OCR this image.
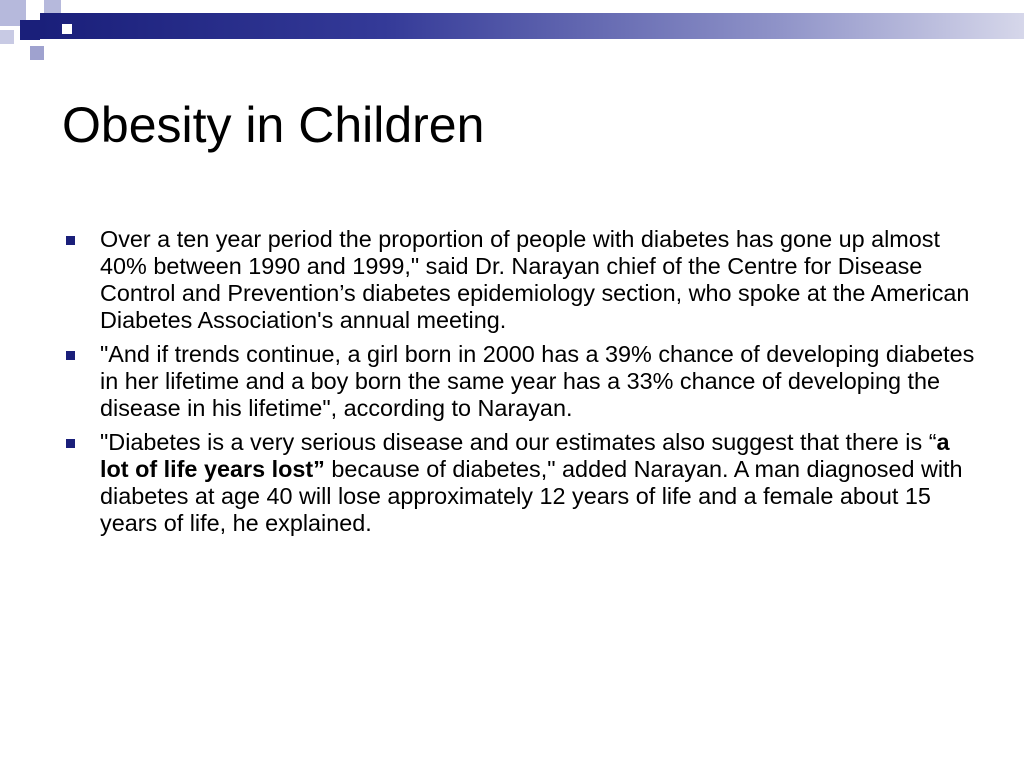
Obesity in Children
Over a ten year period the proportion of people with diabetes has gone up almost 40% between 1990 and 1999," said Dr. Narayan chief of the Centre for Disease Control and Prevention’s diabetes epidemiology section, who spoke at the American Diabetes Association's annual meeting.
"And if trends continue, a girl born in 2000 has a 39% chance of developing diabetes in her lifetime and a boy born the same year has a 33% chance of developing the disease in his lifetime", according to Narayan.
"Diabetes is a very serious disease and our estimates also suggest that there is “a lot of life years lost” because of diabetes," added Narayan. A man diagnosed with diabetes at age 40 will lose approximately 12 years of life and a female about 15 years of life, he explained.
